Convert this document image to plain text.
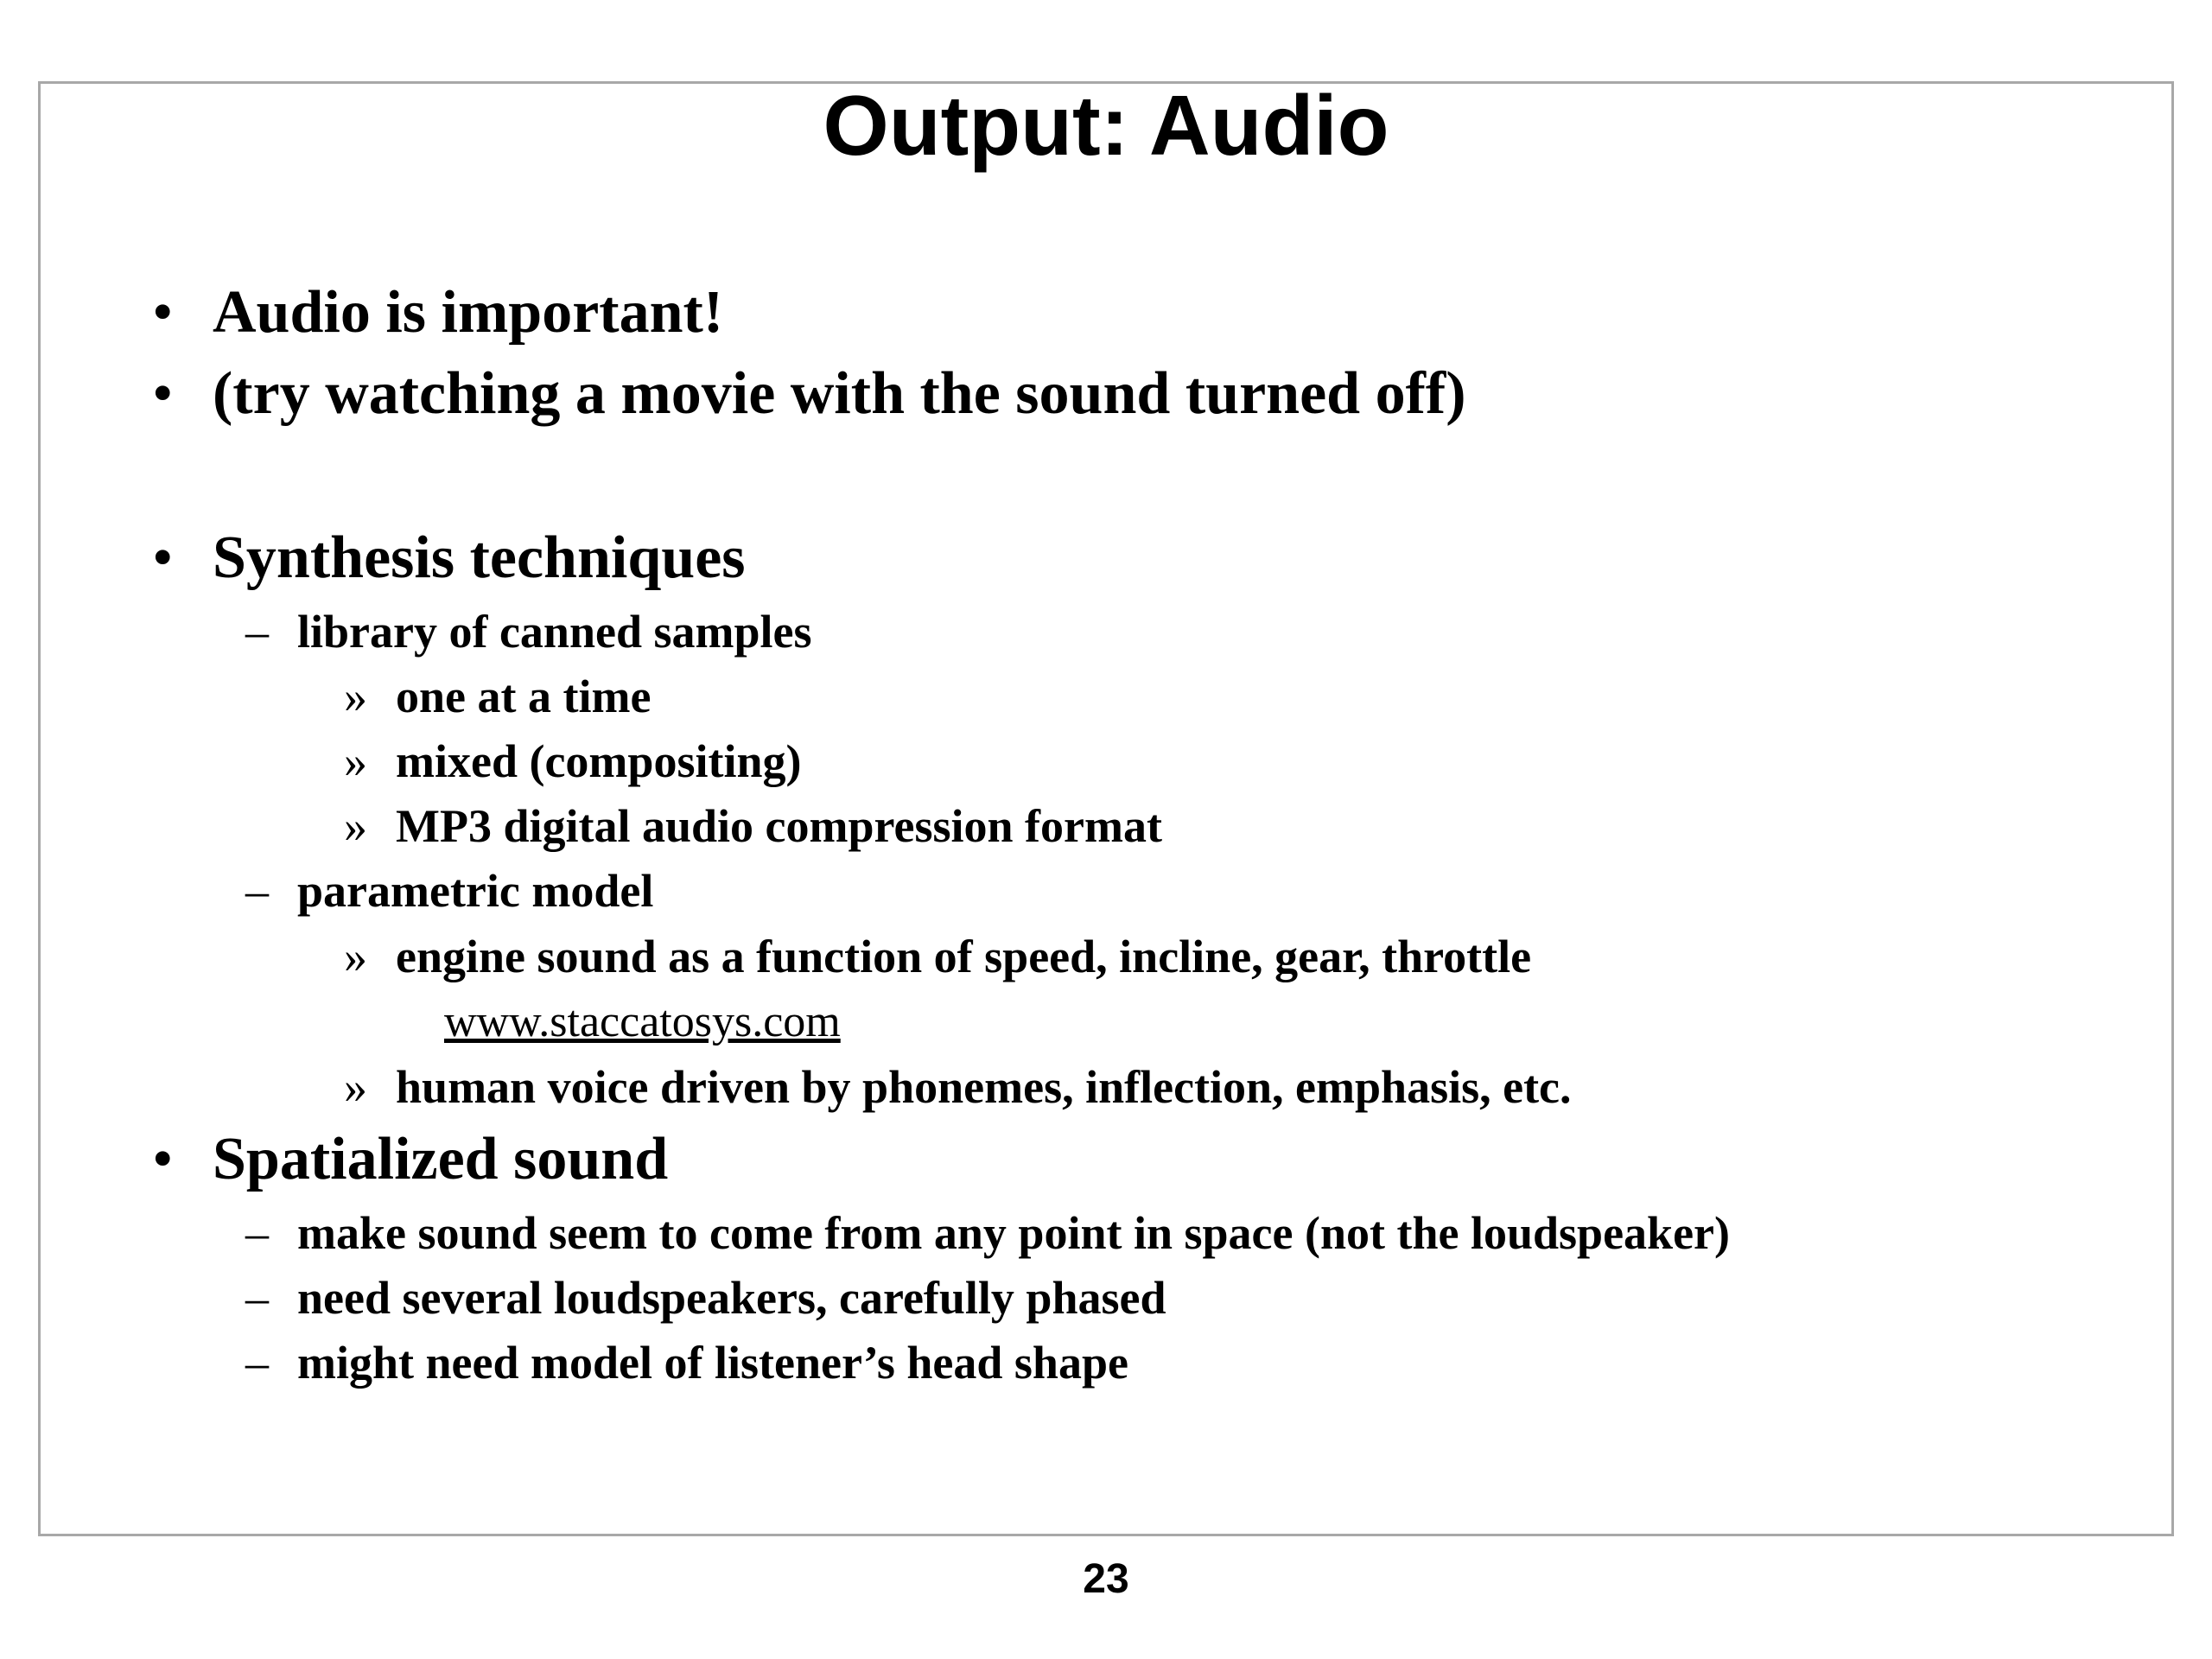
Output: Audio
• Audio is important!
• (try watching a movie with the sound turned off)
• Synthesis techniques
– library of canned samples
» one at a time
» mixed (compositing)
» MP3 digital audio compression format
– parametric model
» engine sound as a function of speed, incline, gear, throttle
www.staccatosys.com
» human voice driven by phonemes, inflection, emphasis, etc.
• Spatialized sound
– make sound seem to come from any point in space (not the loudspeaker)
– need several loudspeakers, carefully phased
– might need model of listener’s head shape
23
